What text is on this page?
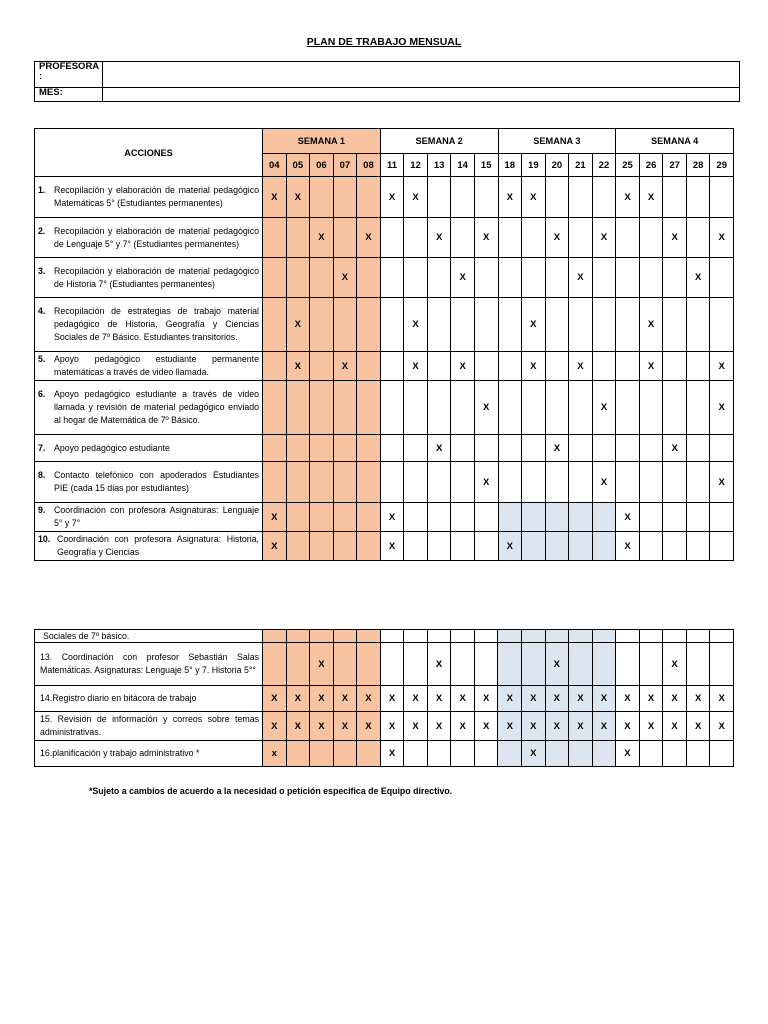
PLAN DE TRABAJO MENSUAL
PROFESORA :	
MES:	
ACCIONES	SEMANA 1					SEMANA 2					SEMANA 3					SEMANA 4				
	04	05	06	07	08	11	12	13	14	15	18	19	20	21	22	25	26	27	28	29

1. Recopilación y elaboración de material pedagógico Matemáticas 5° (Estudiantes permanentes)	X	X				X	X				X	X				X	X			

2. Recopilación y elaboración de material pedagógico de Lenguaje 5° y 7° (Estudiantes permanentes)			X		X			X		X			X		X			X		X

3. Recopilación y elaboración de material pedagógico de Historia 7° (Estudiantes permanentes)				X					X					X					X	

4. Recopilación de estrategias de trabajo material pedagógico de Historia, Geografía y Ciencias Sociales de 7º Básico. Estudiantes transitorios.		X					X					X					X			

5. Apoyo pedagógico estudiante permanente matemáticas a través de video llamada.		X		X			X		X			X		X			X			X

6. Apoyo pedagógico estudiante a través de video llamada y revisión de material pedagógico enviado al hogar de Matemática de 7º Básico.										X					X					X

7. Apoyo pedagógico estudiante								X					X					X		

8. Contacto telefónico con apoderados Estudiantes PIE (cada 15 dias por estudiantes)										X					X					X

9. Coordinación con profesora Asignaturas: Lenguaje 5° y 7°	X					X										X				

10. Coordinación con profesora Asignatura: Historia, Geografía y Ciencias	X					X					X					X				
Sociales de 7º básico.																				
13. Coordinación con profesor Sebastián Salas Matemáticas. Asignaturas: Lenguaje 5° y 7. Historia 5°°			X					X					X					X		
14.Registro diario en bitácora de trabajo	X	X	X	X	X	X	X	X	X	X	X	X	X	X	X	X	X	X	X	X
15. Revisión de información y correos sobre temas administrativas.	X	X	X	X	X	X	X	X	X	X	X	X	X	X	X	X	X	X	X	X
16.planificación y trabajo administrativo *	x					X						X				X				
*Sujeto a cambios de acuerdo a la necesidad o petición especifica de Equipo directivo.
